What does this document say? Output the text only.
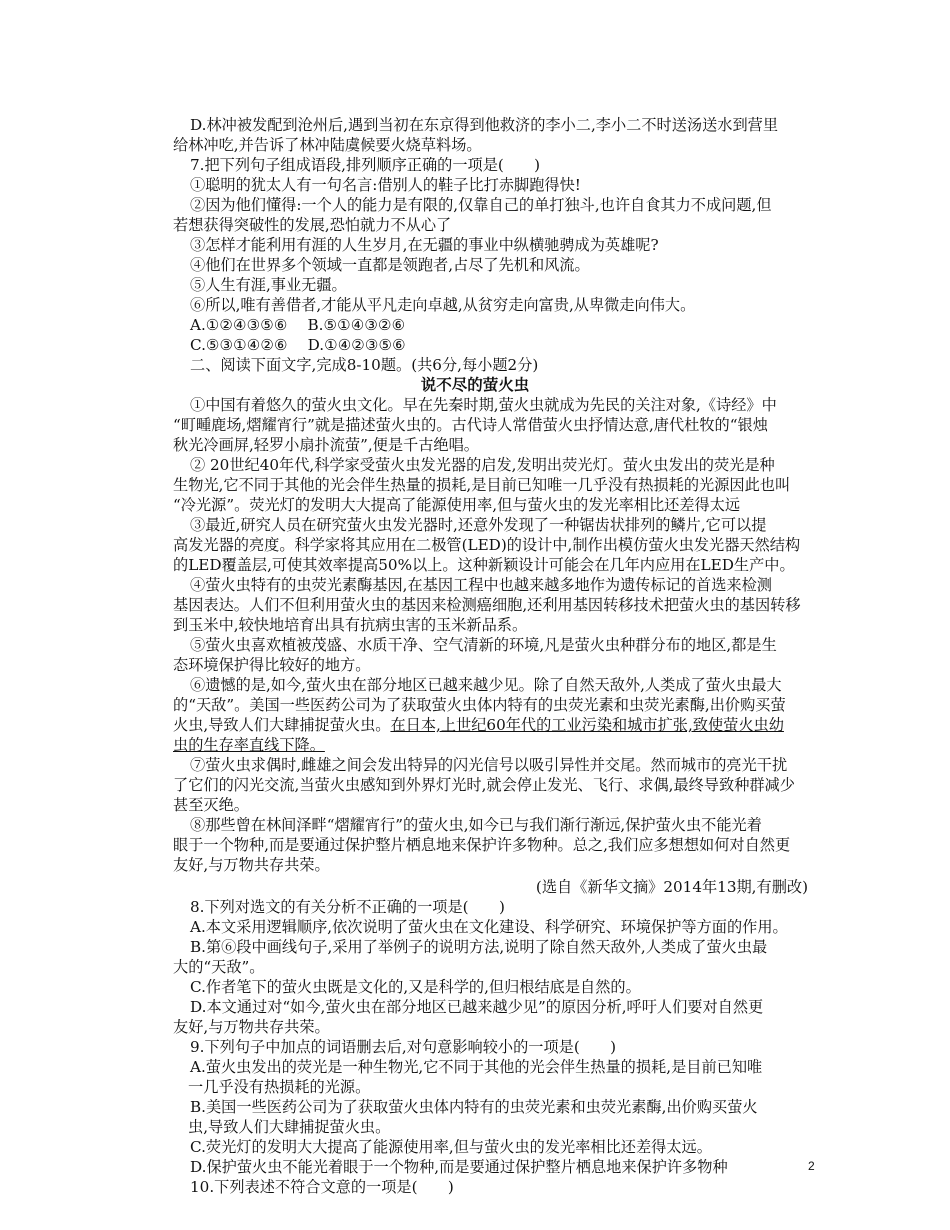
D.林冲被发配到沧州后,遇到当初在东京得到他救济的李小二,李小二不时送汤送水到营里
给林冲吃,并告诉了林冲陆虞候要火烧草料场。
7.把下列句子组成语段,排列顺序正确的一项是(　　)
①聪明的犹太人有一句名言:借别人的鞋子比打赤脚跑得快!
②因为他们懂得:一个人的能力是有限的,仅靠自己的单打独斗,也许自食其力不成问题,但
若想获得突破性的发展,恐怕就力不从心了
③怎样才能利用有涯的人生岁月,在无疆的事业中纵横驰骋成为英雄呢?
④他们在世界多个领域一直都是领跑者,占尽了先机和风流。
⑤人生有涯,事业无疆。
⑥所以,唯有善借者,才能从平凡走向卓越,从贫穷走向富贵,从卑微走向伟大。
A.①②④③⑤⑥　 B.⑤①④③②⑥
C.⑤③①④②⑥　 D.①④②③⑤⑥
二、阅读下面文字,完成8-10题。(共6分,每小题2分)
说不尽的萤火虫
①中国有着悠久的萤火虫文化。早在先秦时期,萤火虫就成为先民的关注对象,《诗经》中
“町畽鹿场,熠耀宵行”就是描述萤火虫的。古代诗人常借萤火虫抒情达意,唐代杜牧的“银烛
秋光冷画屏,轻罗小扇扑流萤”,便是千古绝唱。
② 20世纪40年代,科学家受萤火虫发光器的启发,发明出荧光灯。萤火虫发出的荧光是种
生物光,它不同于其他的光会伴生热量的损耗,是目前已知唯一几乎没有热损耗的光源因此也叫
“冷光源”。荧光灯的发明大大提高了能源使用率,但与萤火虫的发光率相比还差得太远
③最近,研究人员在研究萤火虫发光器时,还意外发现了一种锯齿状排列的鳞片,它可以提
高发光器的亮度。科学家将其应用在二极管(LED)的设计中,制作出模仿萤火虫发光器天然结构
的LED覆盖层,可使其效率提高50%以上。这种新颖设计可能会在几年内应用在LED生产中。
④萤火虫特有的虫荧光素酶基因,在基因工程中也越来越多地作为遗传标记的首选来检测
基因表达。人们不但利用萤火虫的基因来检测癌细胞,还利用基因转移技术把萤火虫的基因转移
到玉米中,较快地培育出具有抗病虫害的玉米新品系。
⑤萤火虫喜欢植被茂盛、水质干净、空气清新的环境,凡是萤火虫种群分布的地区,都是生
态环境保护得比较好的地方。
⑥遗憾的是,如今,萤火虫在部分地区已越来越少见。除了自然天敌外,人类成了萤火虫最大
的“天敌”。美国一些医药公司为了获取萤火虫体内特有的虫荧光素和虫荧光素酶,出价购买萤
火虫,导致人们大肆捕捉萤火虫。在日本,上世纪60年代的工业污染和城市扩张,致使萤火虫幼
虫的生存率直线下降。
⑦萤火虫求偶时,雌雄之间会发出特异的闪光信号以吸引异性并交尾。然而城市的亮光干扰
了它们的闪光交流,当萤火虫感知到外界灯光时,就会停止发光、飞行、求偶,最终导致种群减少
甚至灭绝。
⑧那些曾在林间泽畔“熠耀宵行”的萤火虫,如今已与我们渐行渐远,保护萤火虫不能光着
眼于一个物种,而是要通过保护整片栖息地来保护许多物种。总之,我们应多想想如何对自然更
友好,与万物共存共荣。
(选自《新华文摘》2014年13期,有删改)
8.下列对选文的有关分析不正确的一项是(　　)
A.本文采用逻辑顺序,依次说明了萤火虫在文化建设、科学研究、环境保护等方面的作用。
B.第⑥段中画线句子,采用了举例子的说明方法,说明了除自然天敌外,人类成了萤火虫最
大的“天敌”。
C.作者笔下的萤火虫既是文化的,又是科学的,但归根结底是自然的。
D.本文通过对“如今,萤火虫在部分地区已越来越少见”的原因分析,呼吁人们要对自然更
友好,与万物共存共荣。
9.下列句子中加点的词语删去后,对句意影响较小的一项是(　　)
A.萤火虫发出的荧光是一种生物光,它不同于其他的光会伴生热量的损耗,是目前已知唯
一几乎没有热损耗的光源。
B.美国一些医药公司为了获取萤火虫体内特有的虫荧光素和虫荧光素酶,出价购买萤火
虫,导致人们大肆捕捉萤火虫。
C.荧光灯的发明大大提高了能源使用率,但与萤火虫的发光率相比还差得太远。
D.保护萤火虫不能光着眼于一个物种,而是要通过保护整片栖息地来保护许多物种
10.下列表述不符合文意的一项是(　　)
2
